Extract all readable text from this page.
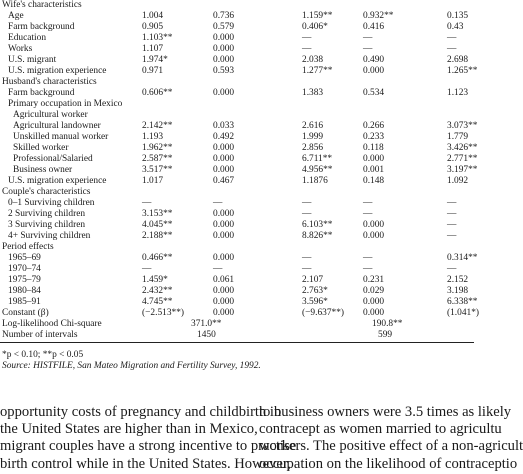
Wife's characteristics
Age	1.004	0.736	1.159**	0.932**	0.135
Farm background	0.905	0.579	0.406*	0.416	0.43
Education	1.103**	0.000	—	—	—
Works	1.107	0.000	—	—	—
U.S. migrant	1.974*	0.000	2.038	0.490	2.698
U.S. migration experience	0.971	0.593	1.277**	0.000	1.265**
Husband's characteristics
Farm background	0.606**	0.000	1.383	0.534	1.123
Primary occupation in Mexico
Agricultural worker
Agricultural landowner	2.142**	0.033	2.616	0.266	3.073**
Unskilled manual worker	1.193	0.492	1.999	0.233	1.779
Skilled worker	1.962**	0.000	2.856	0.118	3.426**
Professional/Salaried	2.587**	0.000	6.711**	0.000	2.771**
Business owner	3.517**	0.000	4.956**	0.001	3.197**
U.S. migration experience	1.017	0.467	1.1876	0.148	1.092
Couple's characteristics
0–1 Surviving children	—	—	—	—	—
2 Surviving children	3.153**	0.000	—	—	—
3 Surviving children	4.045**	0.000	6.103**	0.000	—
4+ Surviving children	2.188**	0.000	8.826**	0.000	—
Period effects
1965–69	0.466**	0.000	—	—	0.314**
1970–74	—	—	—	—	—
1975–79	1.459*	0.061	2.107	0.231	2.152
1980–84	2.432**	0.000	2.763*	0.029	3.198
1985–91	4.745**	0.000	3.596*	0.000	6.338**
Constant (β)	(−2.513**)	0.000	(−9.637**) 0.000	(1.041*)
Log-likelihood Chi-square	371.0**	190.8**
Number of intervals	1450	599
*p < 0.10; **p < 0.05
Source: HISTFILE, San Mateo Migration and Fertility Survey, 1992.
opportunity costs of pregnancy and childbirth in
the United States are higher than in Mexico,
migrant couples have a strong incentive to practise
birth control while in the United States. However,
to business owners were 3.5 times as likely
contracept as women married to agricultu
workers. The positive effect of a non-agricult
occupation on the likelihood of contraceptio
